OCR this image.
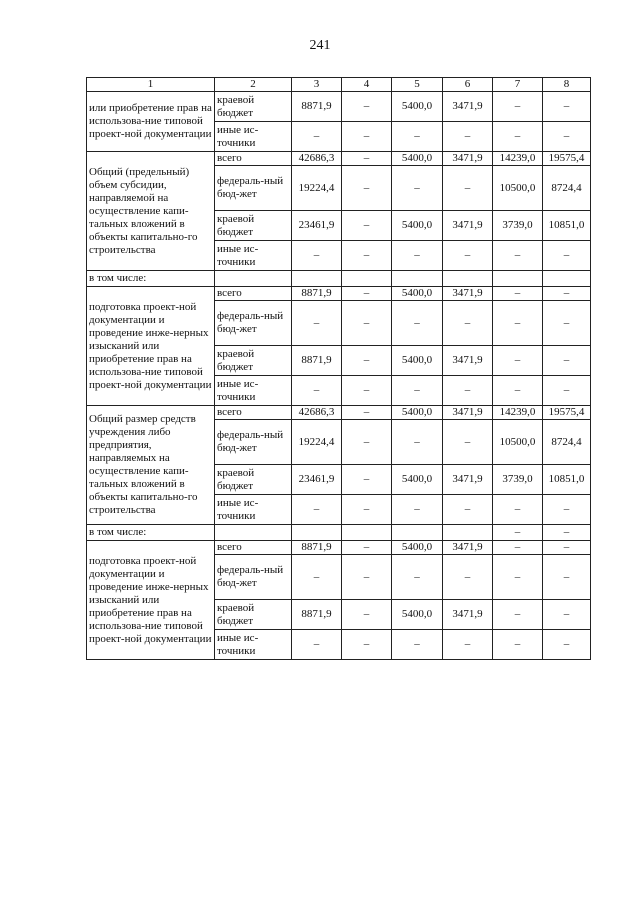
241
1	2	3	4	5	6	7	8
или приобретение прав на использова-ние типовой проект-ной документации	краевой бюджет	8871,9	–	5400,0	3471,9	–	–
	иные ис-точники	–	–	–	–	–	–
Общий (предельный) объем субсидии, направляемой на осуществление капи-тальных вложений в объекты капитально-го строительства	всего	42686,3	–	5400,0	3471,9	14239,0	19575,4
	федераль-ный бюд-жет	19224,4	–	–	–	10500,0	8724,4
	краевой бюджет	23461,9	–	5400,0	3471,9	3739,0	10851,0
	иные ис-точники	–	–	–	–	–	–
в том числе:							
подготовка проект-ной документации и проведение инже-нерных изысканий или приобретение прав на использова-ние типовой проект-ной документации	всего	8871,9	–	5400,0	3471,9	–	–
	федераль-ный бюд-жет	–	–	–	–	–	–
	краевой бюджет	8871,9	–	5400,0	3471,9	–	–
	иные ис-точники	–	–	–	–	–	–
Общий размер средств учреждения либо предприятия, направляемых на осуществление капи-тальных вложений в объекты капитально-го строительства	всего	42686,3	–	5400,0	3471,9	14239,0	19575,4
	федераль-ный бюд-жет	19224,4	–	–	–	10500,0	8724,4
	краевой бюджет	23461,9	–	5400,0	3471,9	3739,0	10851,0
	иные ис-точники	–	–	–	–	–	–
в том числе:						–	–
подготовка проект-ной документации и проведение инже-нерных изысканий или приобретение прав на использова-ние типовой проект-ной документации	всего	8871,9	–	5400,0	3471,9	–	–
	федераль-ный бюд-жет	–	–	–	–	–	–
	краевой бюджет	8871,9	–	5400,0	3471,9	–	–
	иные ис-точники	–	–	–	–	–	–
